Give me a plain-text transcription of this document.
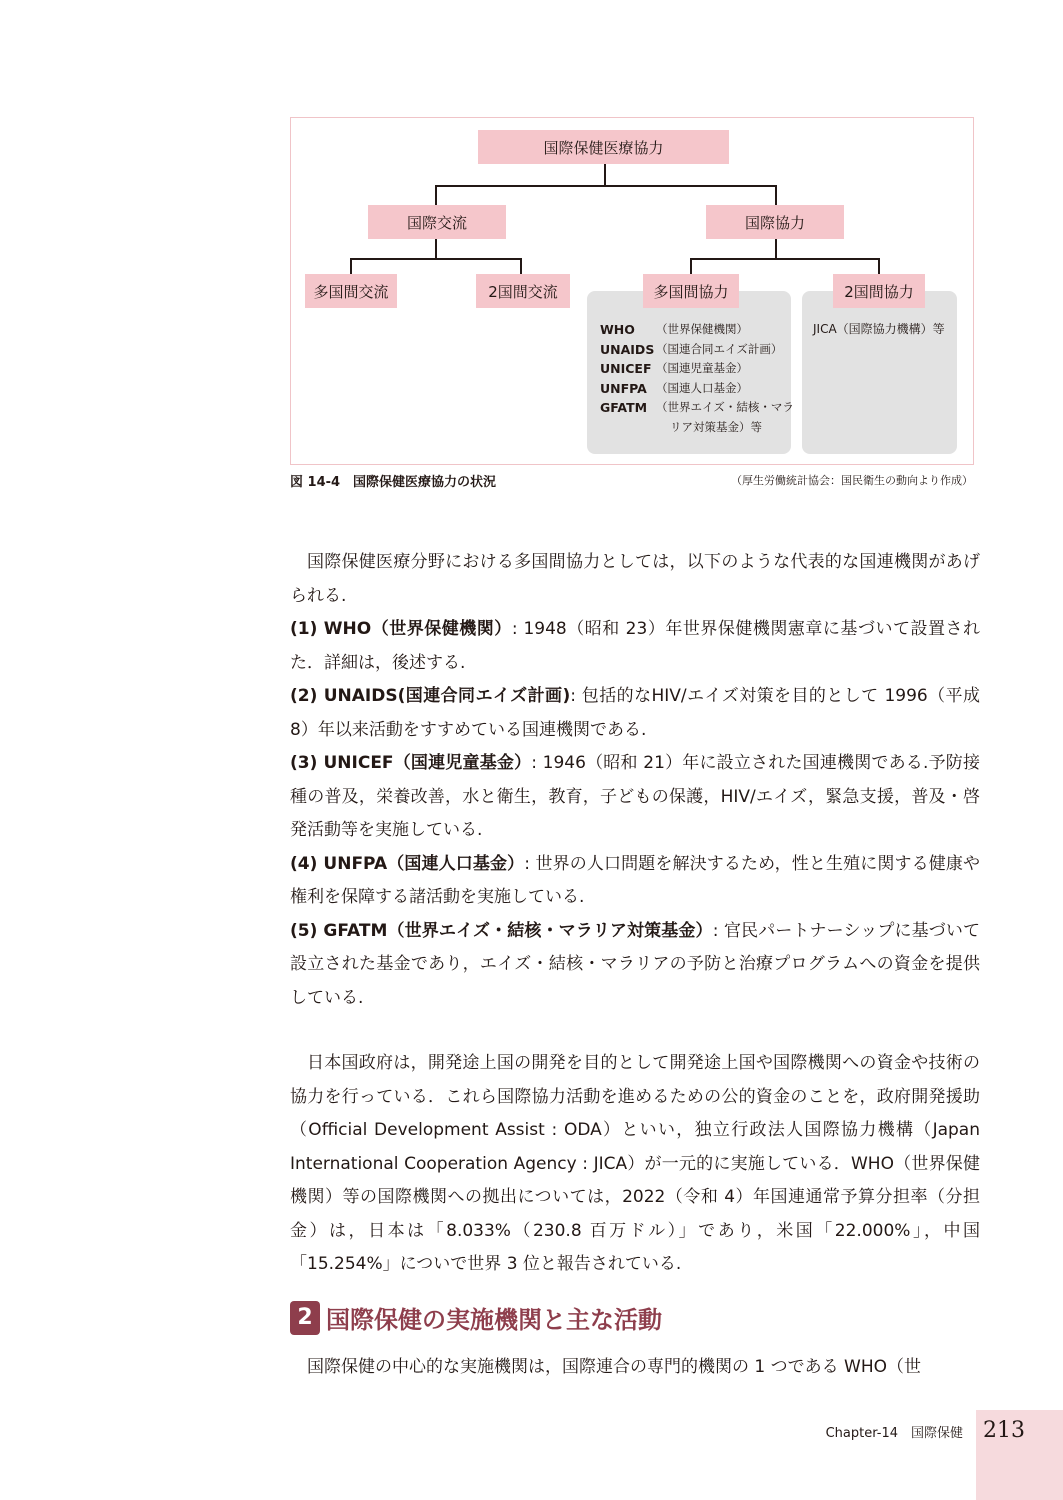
国際保健医療協力
国際交流	国際協力
多国間交流	2国間交流	多国間協力	2国間協力
WHO	（世界保健機関）
UNAIDS （国連合同エイズ計画）
UNICEF （国連児童基金）
UNFPA （国連人口基金）
GFATM （世界エイズ・結核・マラ
リア対策基金）等
JICA（国際協力機構）等
図 14-4　国際保健医療協力の状況	（厚生労働統計協会：国民衛生の動向より作成）

国際保健医療分野における多国間協力としては，以下のような代表的な国連機関があげられる.

(1) WHO（世界保健機関）: 1948（昭和 23）年世界保健機関憲章に基づいて設置された．詳細は，後述する.

(2) UNAIDS(国連合同エイズ計画): 包括的なHIV/エイズ対策を目的として 1996（平成 8）年以来活動をすすめている国連機関である.

(3) UNICEF（国連児童基金）: 1946（昭和 21）年に設立された国連機関である.予防接種の普及，栄養改善，水と衛生，教育，子どもの保護，HIV/エイズ，緊急支援，普及・啓発活動等を実施している.

(4) UNFPA（国連人口基金）: 世界の人口問題を解決するため，性と生殖に関する健康や権利を保障する諸活動を実施している.

(5) GFATM（世界エイズ・結核・マラリア対策基金）: 官民パートナーシップに基づいて設立された基金であり，エイズ・結核・マラリアの予防と治療プログラムへの資金を提供している.

日本国政府は，開発途上国の開発を目的として開発途上国や国際機関への資金や技術の協力を行っている．これら国際協力活動を進めるための公的資金のことを，政府開発援助（Official Development Assist : ODA）といい，独立行政法人国際協力機構（Japan International Cooperation Agency : JICA）が一元的に実施している．WHO（世界保健機関）等の国際機関への拠出については，2022（令和 4）年国連通常予算分担率（分担金）は，日本は「8.033%（230.8 百万ドル）」であり，米国「22.000%」，中国「15.254%」についで世界 3 位と報告されている.

2 国際保健の実施機関と主な活動

国際保健の中心的な実施機関は，国際連合の専門的機関の 1 つである WHO（世

Chapter-14　国際保健 213
